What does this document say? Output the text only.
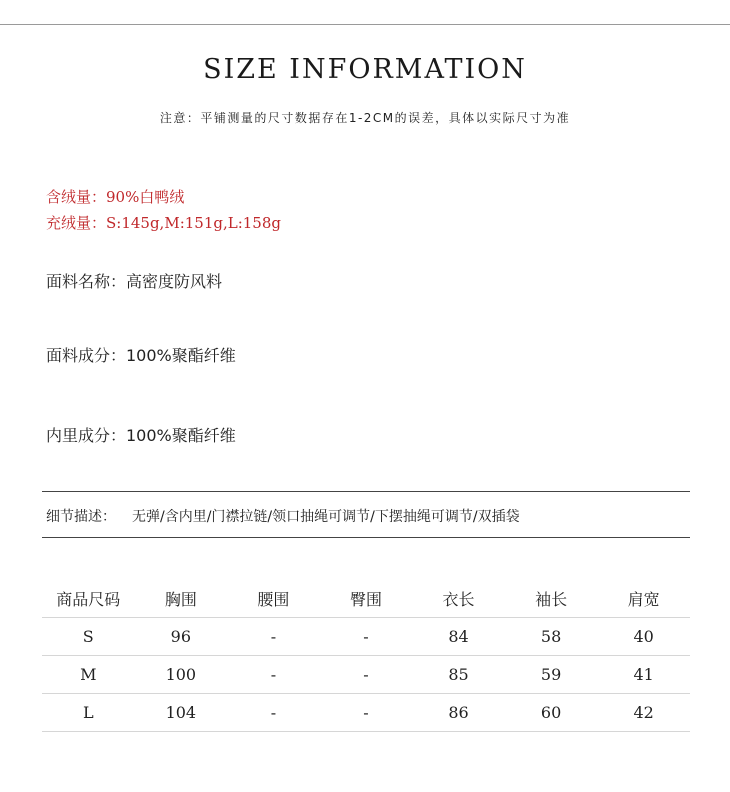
SIZE INFORMATION
注意：平铺测量的尺寸数据存在1-2CM的误差，具体以实际尺寸为准
含绒量：90%白鸭绒
充绒量：S:145g,M:151g,L:158g
面料名称：高密度防风料
面料成分：100%聚酯纤维
内里成分：100%聚酯纤维
细节描述： 无弹/含内里/门襟拉链/领口抽绳可调节/下摆抽绳可调节/双插袋
商品尺码	胸围	腰围	臀围	衣长	袖长	肩宽
S	96	-	-	84	58	40
M	100	-	-	85	59	41
L	104	-	-	86	60	42
